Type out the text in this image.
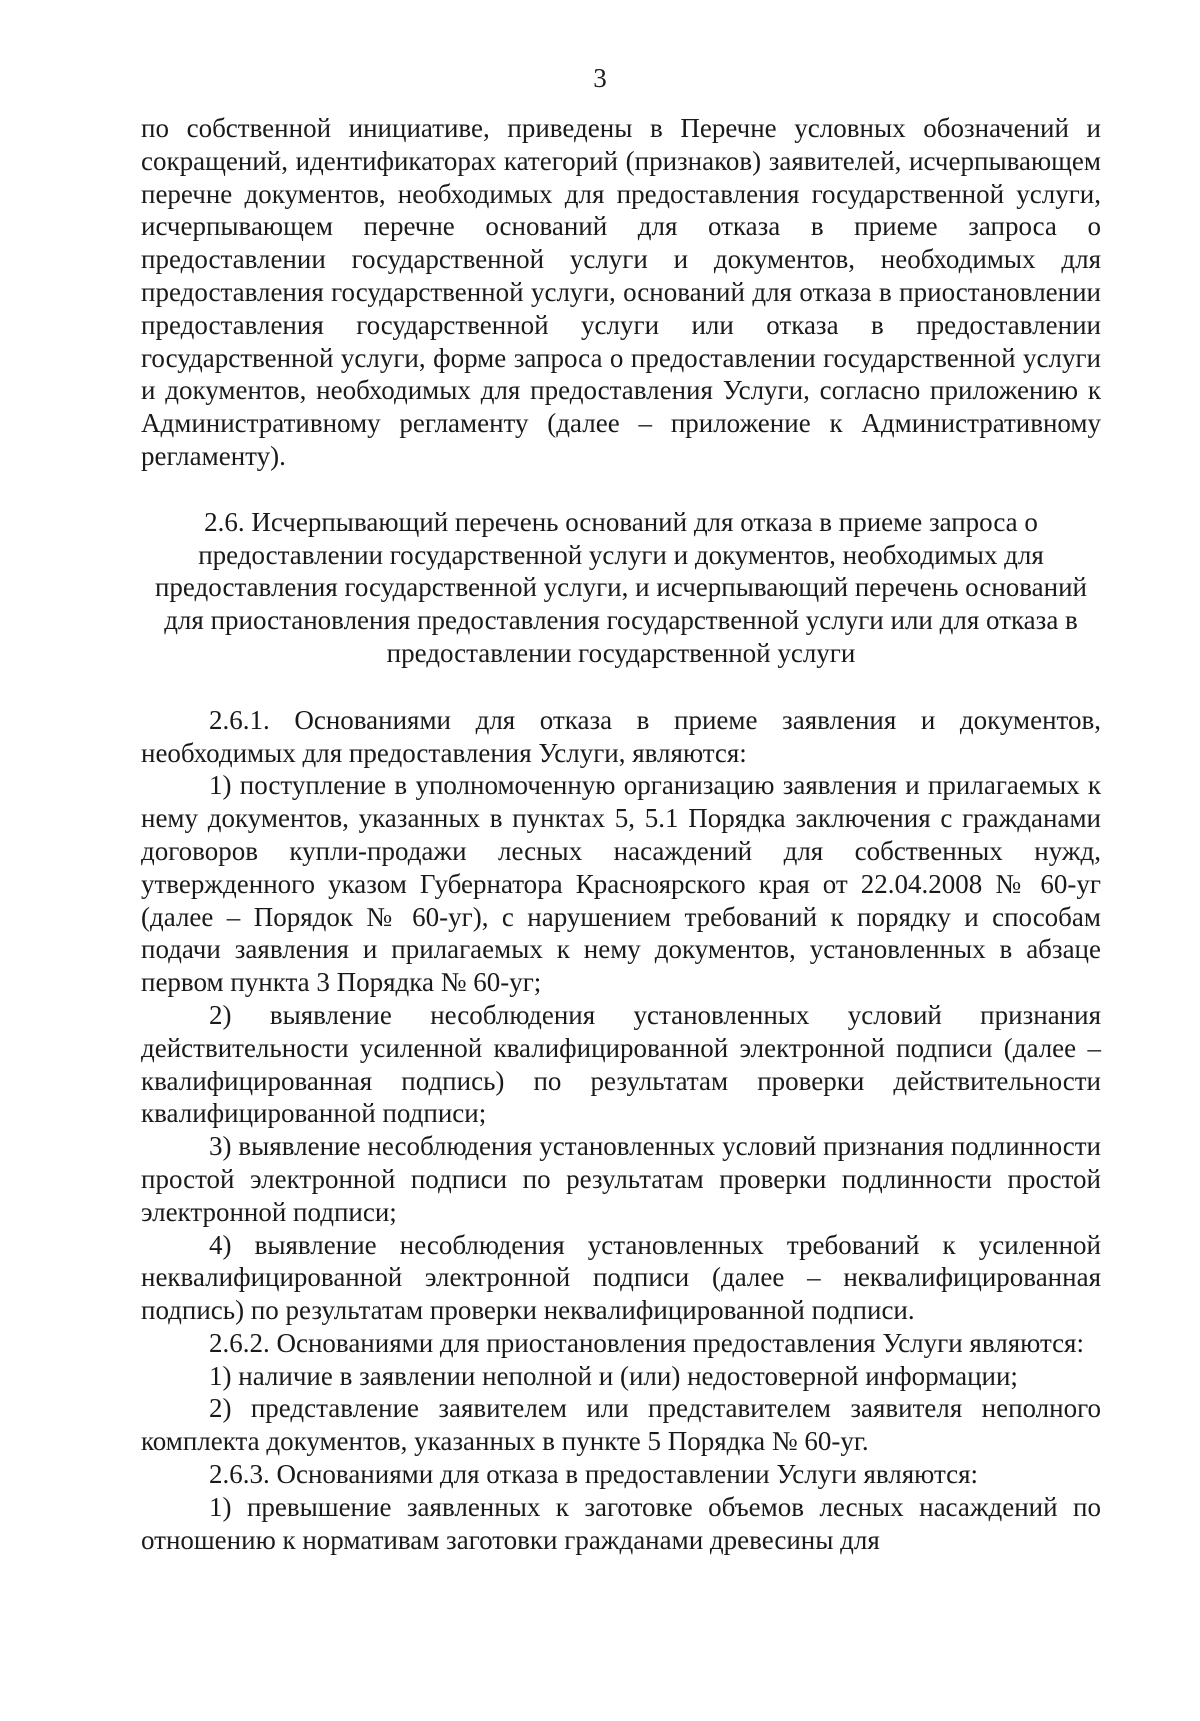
3

по собственной инициативе, приведены в Перечне условных обозначений и сокращений, идентификаторах категорий (признаков) заявителей, исчерпывающем перечне документов, необходимых для предоставления государственной услуги, исчерпывающем перечне оснований для отказа в приеме запроса о предоставлении государственной услуги и документов, необходимых для предоставления государственной услуги, оснований для отказа в приостановлении предоставления государственной услуги или отказа в предоставлении государственной услуги, форме запроса о предоставлении государственной услуги и документов, необходимых для предоставления Услуги, согласно приложению к Административному регламенту (далее – приложение к Административному регламенту).

2.6. Исчерпывающий перечень оснований для отказа в приеме запроса о предоставлении государственной услуги и документов, необходимых для предоставления государственной услуги, и исчерпывающий перечень оснований для приостановления предоставления государственной услуги или для отказа в предоставлении государственной услуги

2.6.1. Основаниями для отказа в приеме заявления и документов, необходимых для предоставления Услуги, являются:

1) поступление в уполномоченную организацию заявления и прилагаемых к нему документов, указанных в пунктах 5, 5.1 Порядка заключения с гражданами договоров купли-продажи лесных насаждений для собственных нужд, утвержденного указом Губернатора Красноярского края от 22.04.2008 № 60-уг (далее – Порядок № 60-уг), с нарушением требований к порядку и способам подачи заявления и прилагаемых к нему документов, установленных в абзаце первом пункта 3 Порядка № 60-уг;

2) выявление несоблюдения установленных условий признания действительности усиленной квалифицированной электронной подписи (далее – квалифицированная подпись) по результатам проверки действительности квалифицированной подписи;

3) выявление несоблюдения установленных условий признания подлинности простой электронной подписи по результатам проверки подлинности простой электронной подписи;

4) выявление несоблюдения установленных требований к усиленной неквалифицированной электронной подписи (далее – неквалифицированная подпись) по результатам проверки неквалифицированной подписи.

2.6.2. Основаниями для приостановления предоставления Услуги являются:

1) наличие в заявлении неполной и (или) недостоверной информации;

2) представление заявителем или представителем заявителя неполного комплекта документов, указанных в пункте 5 Порядка № 60-уг.

2.6.3. Основаниями для отказа в предоставлении Услуги являются:

1) превышение заявленных к заготовке объемов лесных насаждений по отношению к нормативам заготовки гражданами древесины для
